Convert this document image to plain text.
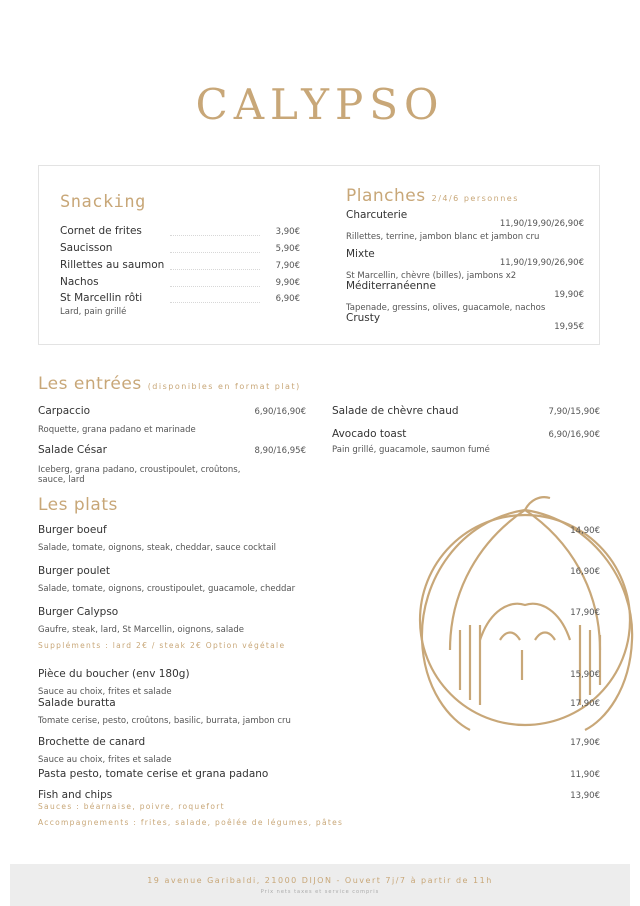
CALYPSO
Snacking
Cornet de frites	3,90€
Saucisson	5,90€
Rillettes au saumon	7,90€
Nachos	9,90€
St Marcellin rôti	6,90€
Lard, pain grillé
Planches 2/4/6 personnes
Charcuterie
11,90/19,90/26,90€
Rillettes, terrine, jambon blanc et jambon cru
Mixte
11,90/19,90/26,90€
St Marcellin, chèvre (billes), jambons x2
Méditerranéenne
19,90€
Tapenade, gressins, olives, guacamole, nachos
Crusty
19,95€
Les entrées (disponibles en format plat)
Carpaccio	6,90/16,90€
Roquette, grana padano et marinade
Salade César	8,90/16,95€
Iceberg, grana padano, croustipoulet, croûtons, sauce, lard
Salade de chèvre chaud	7,90/15,90€
Avocado toast	6,90/16,90€
Pain grillé, guacamole, saumon fumé
Les plats
Burger boeuf	14,90€
Salade, tomate, oignons, steak, cheddar, sauce cocktail
Burger poulet	16,90€
Salade, tomate, oignons, croustipoulet, guacamole, cheddar
Burger Calypso	17,90€
Gaufre, steak, lard, St Marcellin, oignons, salade
Pièce du boucher (env 180g)	15,90€
Sauce au choix, frites et salade
Salade buratta	17,90€
Tomate cerise, pesto, croûtons, basilic, burrata, jambon cru
Brochette de canard	17,90€
Sauce au choix, frites et salade
Pasta pesto, tomate cerise et grana padano	11,90€
Fish and chips	13,90€
Suppléments : lard 2€ / steak 2€ Option végétale
Sauces : béarnaise, poivre, roquefort
Accompagnements : frites, salade, poêlée de légumes, pâtes
19 avenue Garibaldi, 21000 DIJON - Ouvert 7j/7 à partir de 11h
Prix nets taxes et service compris
